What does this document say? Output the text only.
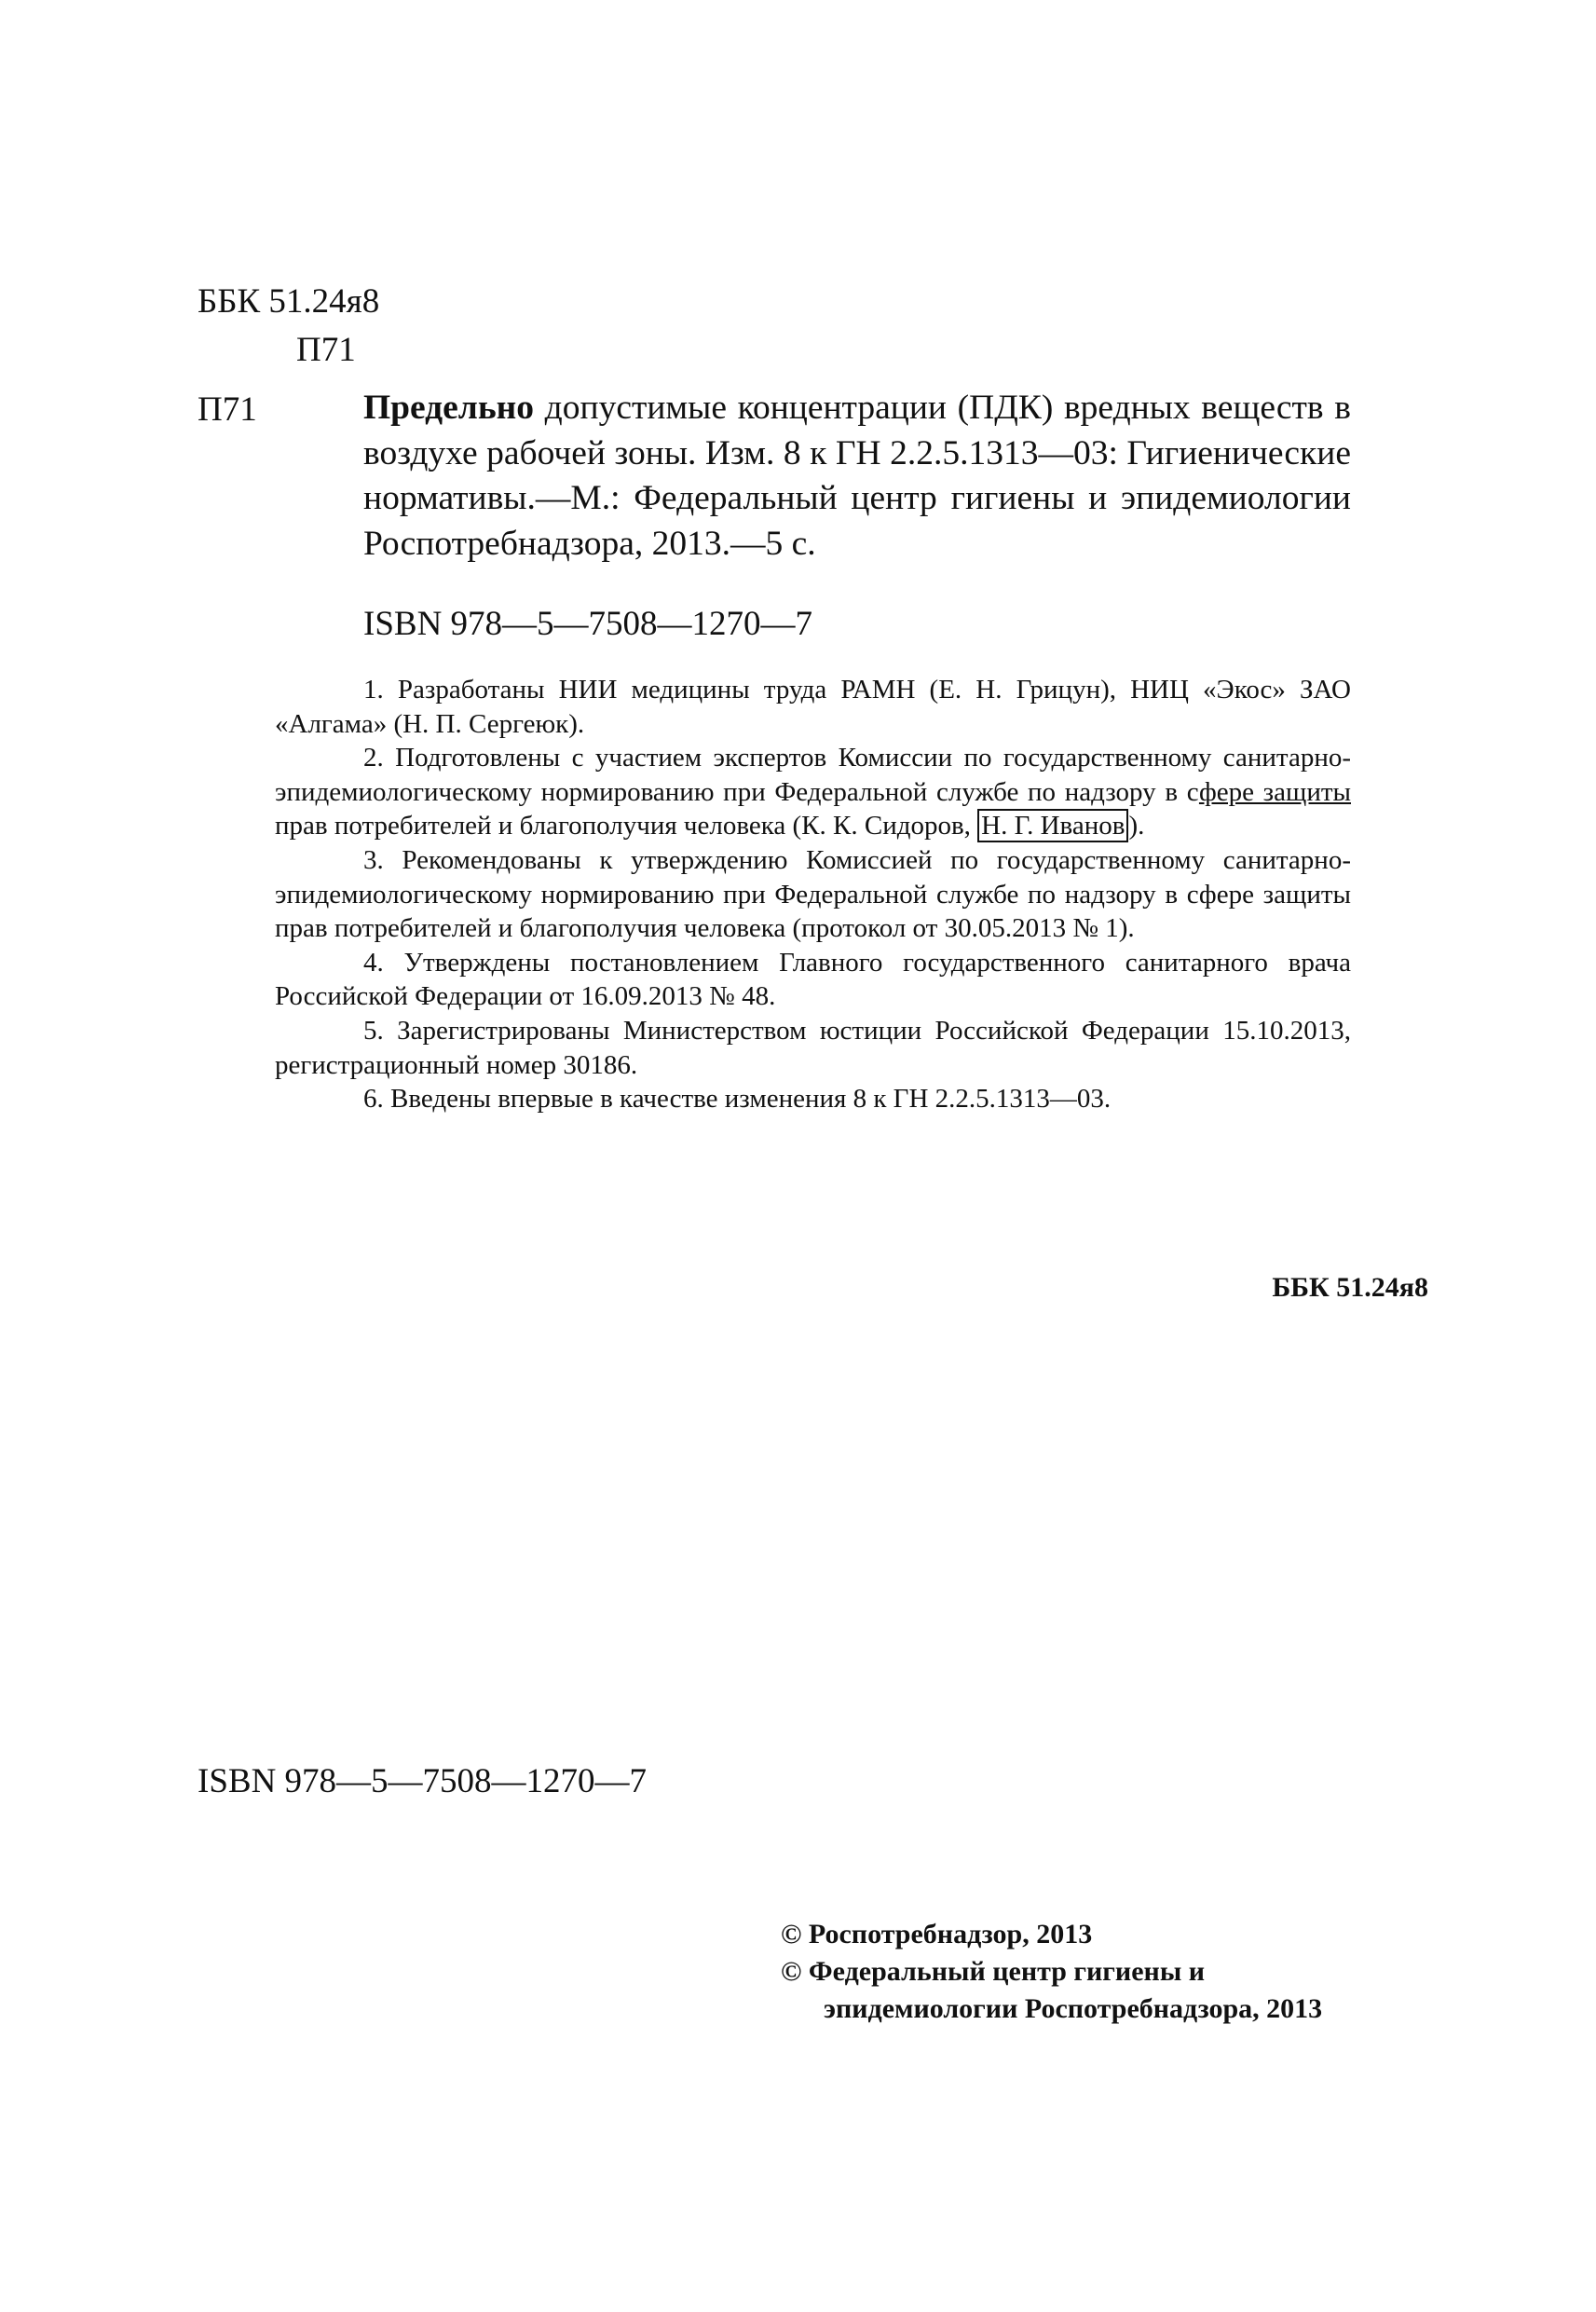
ББК 51.24я8
П71
П71	Предельно допустимые концентрации (ПДК) вредных веществ в воздухе рабочей зоны. Изм. 8 к ГН 2.2.5.1313—03: Гигиенические нормативы.—М.: Федеральный центр гигиены и эпидемиологии Роспотребнадзора, 2013.—5 с.
ISBN 978—5—7508—1270—7

1. Разработаны НИИ медицины труда РАМН (Е. Н. Грицун), НИЦ «Экос» ЗАО «Алгама» (Н. П. Сергеюк).

2. Подготовлены с участием экспертов Комиссии по государственному санитарно-эпидемиологическому нормированию при Федеральной службе по надзору в сфере защиты прав потребителей и благополучия человека (К. К. Сидоров, Н. Г. Иванов ).

3. Рекомендованы к утверждению Комиссией по государственному санитарно-эпидемиологическому нормированию при Федеральной службе по надзору в сфере защиты прав потребителей и благополучия человека (протокол от 30.05.2013 № 1).

4. Утверждены постановлением Главного государственного санитарного врача Российской Федерации от 16.09.2013 № 48.

5. Зарегистрированы Министерством юстиции Российской Федерации 15.10.2013, регистрационный номер 30186.

6. Введены впервые в качестве изменения 8 к ГН 2.2.5.1313—03.

ББК 51.24я8
ISBN 978—5—7508—1270—7
© Роспотребнадзор, 2013
© Федеральный центр гигиены и
эпидемиологии Роспотребнадзора, 2013
